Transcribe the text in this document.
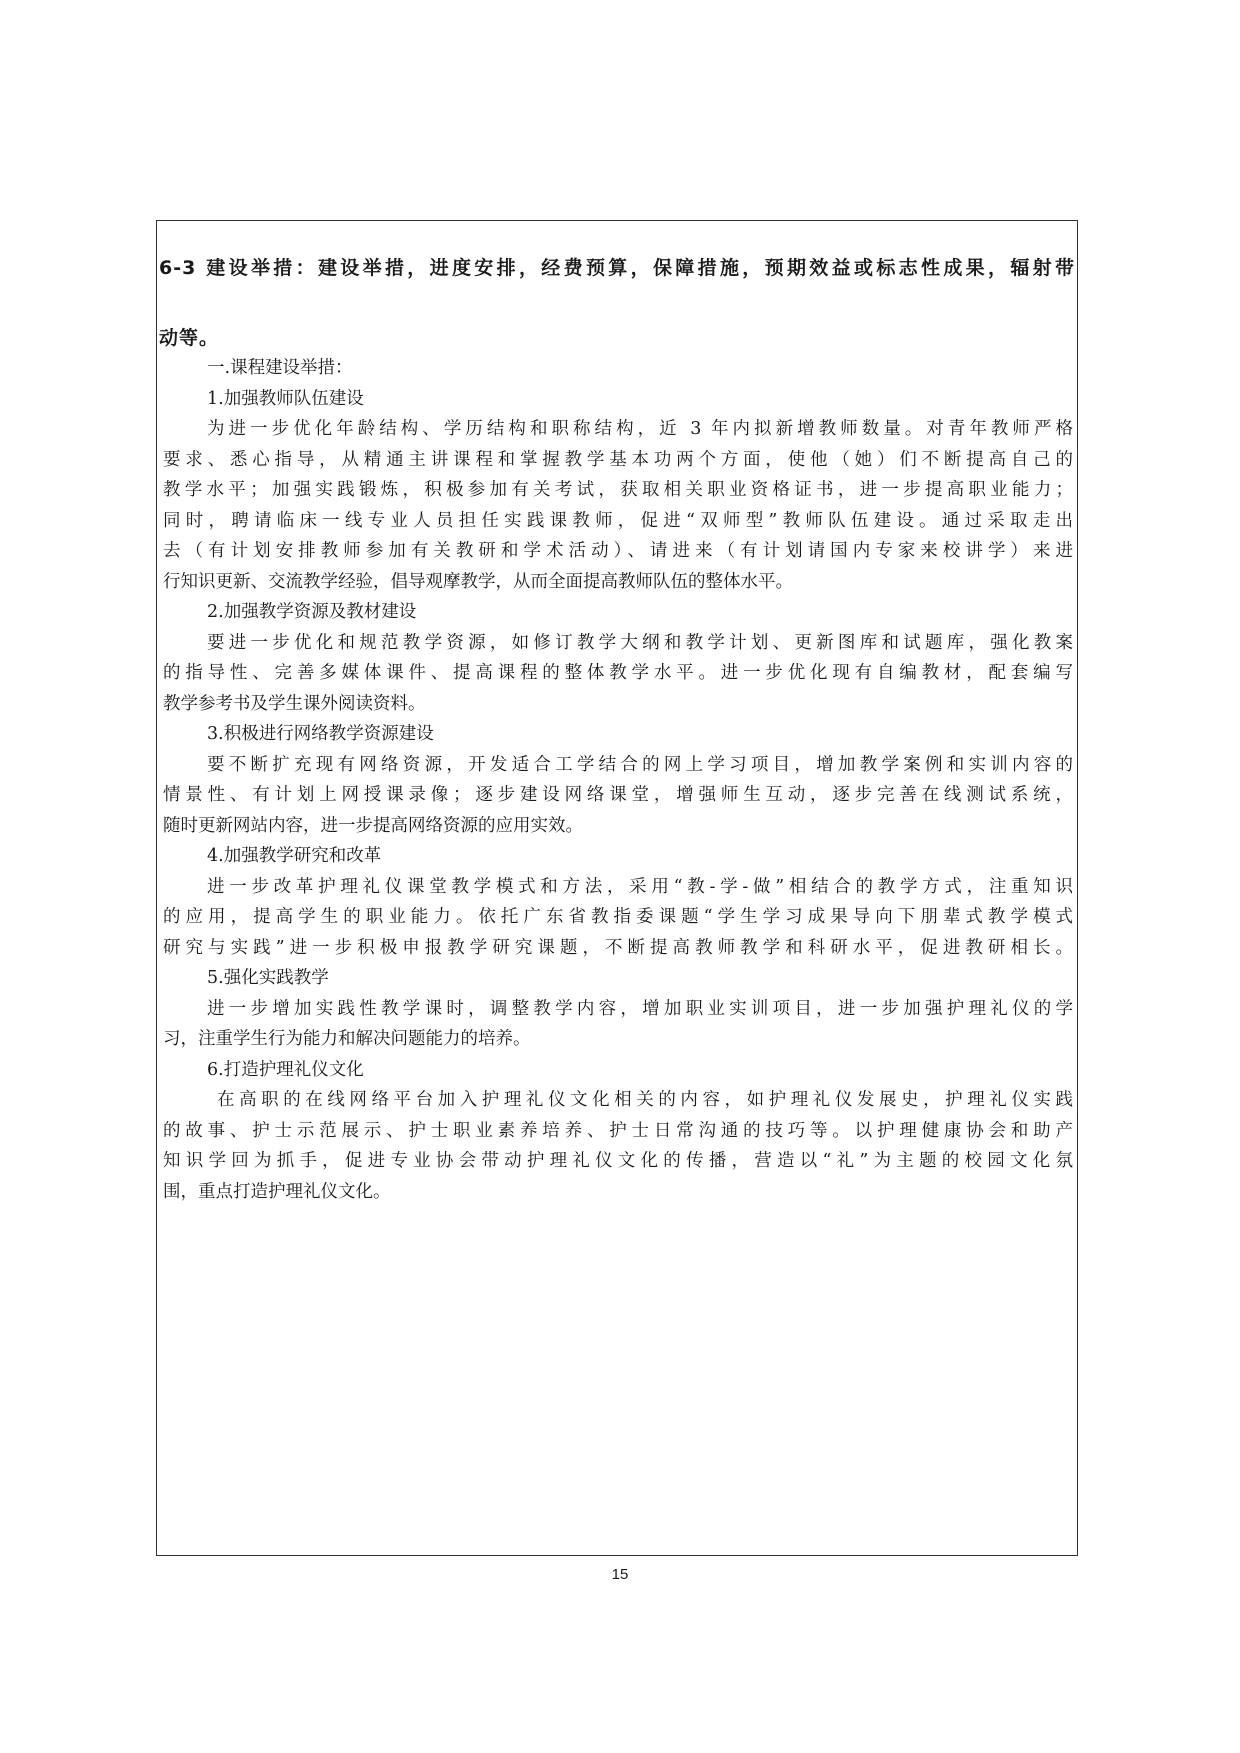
6-3 建设举措：建设举措，进度安排，经费预算，保障措施，预期效益或标志性成果，辐射带
动等。
一.课程建设举措：
1.加强教师队伍建设
为进一步优化年龄结构、学历结构和职称结构，近 3 年内拟新增教师数量。对青年教师严格
要求、悉心指导，从精通主讲课程和掌握教学基本功两个方面，使他（她）们不断提高自己的
教学水平；加强实践锻炼，积极参加有关考试，获取相关职业资格证书，进一步提高职业能力；
同时，聘请临床一线专业人员担任实践课教师，促进“双师型”教师队伍建设。通过采取走出
去（有计划安排教师参加有关教研和学术活动）、请进来（有计划请国内专家来校讲学）来进
行知识更新、交流教学经验，倡导观摩教学，从而全面提高教师队伍的整体水平。
2.加强教学资源及教材建设
要进一步优化和规范教学资源，如修订教学大纲和教学计划、更新图库和试题库，强化教案
的指导性、完善多媒体课件、提高课程的整体教学水平。进一步优化现有自编教材，配套编写
教学参考书及学生课外阅读资料。
3.积极进行网络教学资源建设
要不断扩充现有网络资源，开发适合工学结合的网上学习项目，增加教学案例和实训内容的
情景性、有计划上网授课录像；逐步建设网络课堂，增强师生互动，逐步完善在线测试系统，
随时更新网站内容，进一步提高网络资源的应用实效。
4.加强教学研究和改革
进一步改革护理礼仪课堂教学模式和方法，采用“教-学-做”相结合的教学方式，注重知识
的应用，提高学生的职业能力。依托广东省教指委课题“学生学习成果导向下朋辈式教学模式
研究与实践”进一步积极申报教学研究课题，不断提高教师教学和科研水平，促进教研相长。
5.强化实践教学
进一步增加实践性教学课时，调整教学内容，增加职业实训项目，进一步加强护理礼仪的学
习，注重学生行为能力和解决问题能力的培养。
6.打造护理礼仪文化
在高职的在线网络平台加入护理礼仪文化相关的内容，如护理礼仪发展史，护理礼仪实践
的故事、护士示范展示、护士职业素养培养、护士日常沟通的技巧等。以护理健康协会和助产
知识学回为抓手，促进专业协会带动护理礼仪文化的传播，营造以“礼”为主题的校园文化氛
围，重点打造护理礼仪文化。
15
